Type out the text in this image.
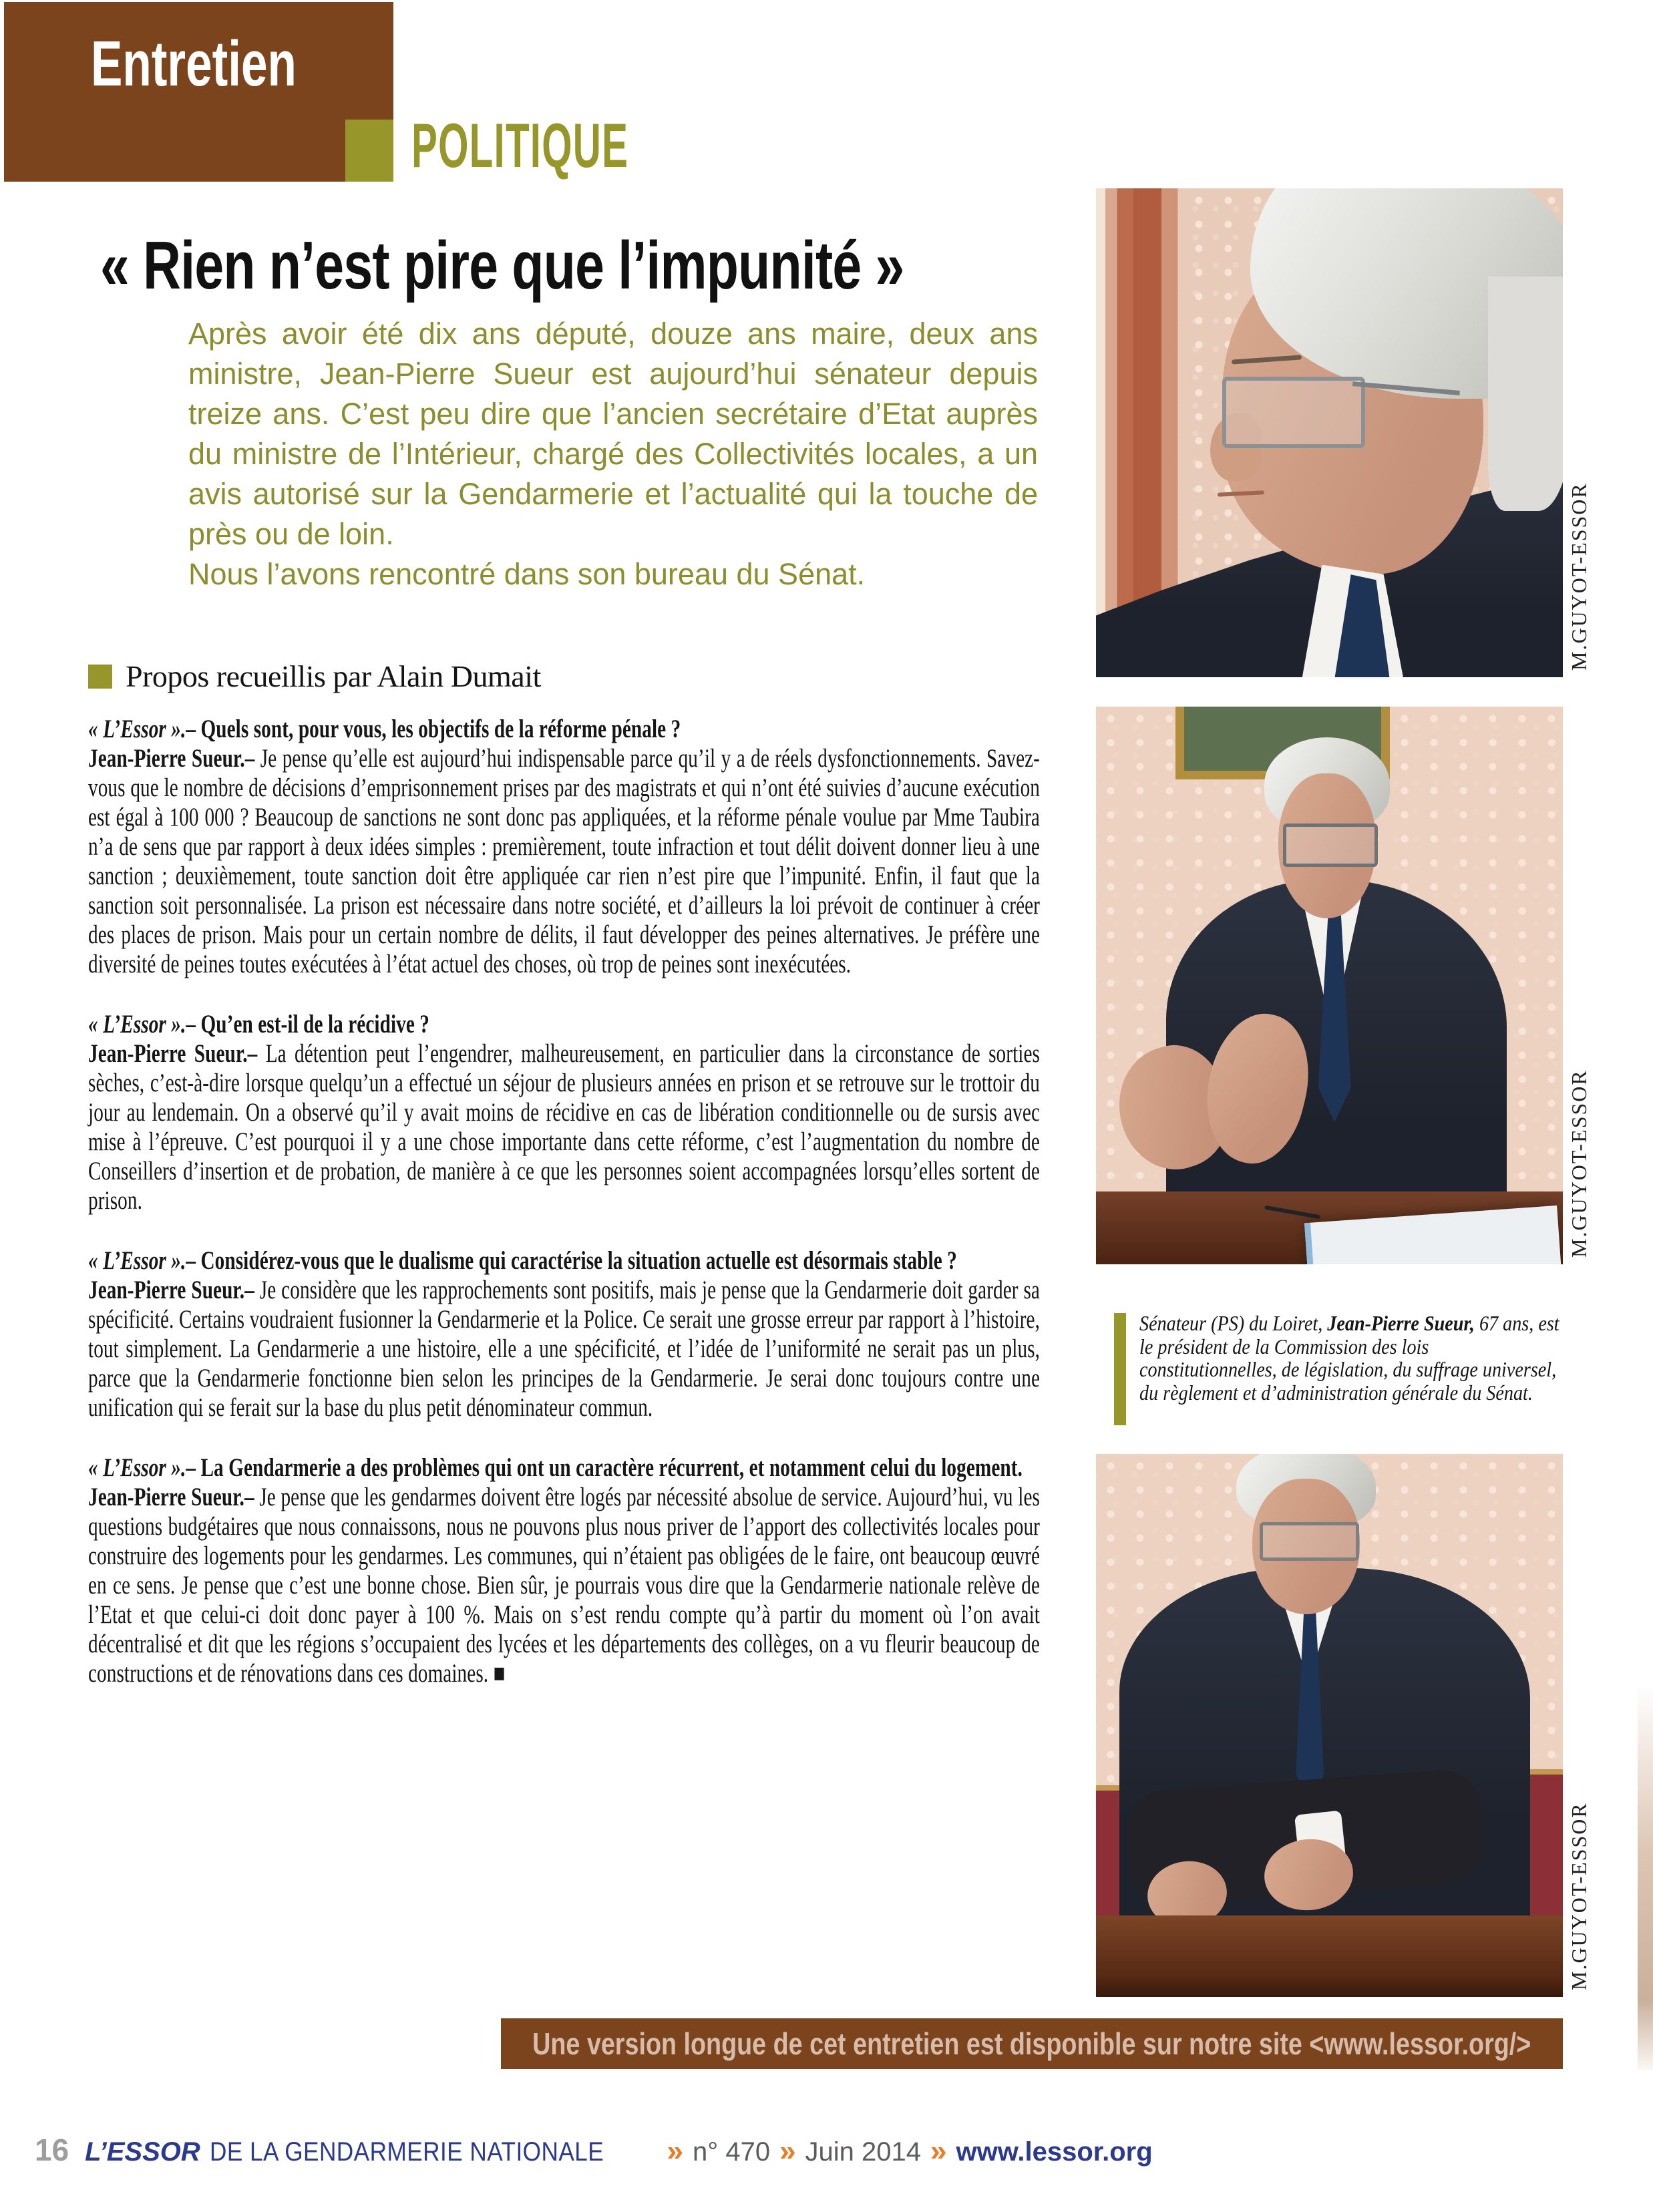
Entretien
POLITIQUE
« Rien n’est pire que l’impunité »
Après avoir été dix ans député, douze ans maire, deux ans ministre, Jean-Pierre Sueur est aujourd’hui sénateur depuis treize ans. C’est peu dire que l’ancien secrétaire d’Etat auprès du ministre de l’Intérieur, chargé des Collectivités locales, a un avis autorisé sur la Gendarmerie et l’actualité qui la touche de près ou de loin.
Nous l’avons rencontré dans son bureau du Sénat.
Propos recueillis par Alain Dumait

« L’Essor ».– Quels sont, pour vous, les objectifs de la réforme pénale ?

Jean-Pierre Sueur.– Je pense qu’elle est aujourd’hui indispensable parce qu’il y a de réels dysfonctionnements. Savez-vous que le nombre de décisions d’emprisonnement prises par des magistrats et qui n’ont été suivies d’aucune exécution est égal à 100 000 ? Beaucoup de sanctions ne sont donc pas appliquées, et la réforme pénale voulue par Mme Taubira n’a de sens que par rapport à deux idées simples : premièrement, toute infraction et tout délit doivent donner lieu à une sanction ; deuxièmement, toute sanction doit être appliquée car rien n’est pire que l’impunité. Enfin, il faut que la sanction soit personnalisée. La prison est nécessaire dans notre société, et d’ailleurs la loi prévoit de continuer à créer des places de prison. Mais pour un certain nombre de délits, il faut développer des peines alternatives. Je préfère une diversité de peines toutes exécutées à l’état actuel des choses, où trop de peines sont inexécutées.

« L’Essor ».– Qu’en est-il de la récidive ?

Jean-Pierre Sueur.– La détention peut l’engendrer, malheureusement, en particulier dans la circonstance de sorties sèches, c’est-à-dire lorsque quelqu’un a effectué un séjour de plusieurs années en prison et se retrouve sur le trottoir du jour au lendemain. On a observé qu’il y avait moins de récidive en cas de libération conditionnelle ou de sursis avec mise à l’épreuve. C’est pourquoi il y a une chose importante dans cette réforme, c’est l’augmentation du nombre de Conseillers d’insertion et de probation, de manière à ce que les personnes soient accompagnées lorsqu’elles sortent de prison.

« L’Essor ».– Considérez-vous que le dualisme qui caractérise la situation actuelle est désormais stable ?

Jean-Pierre Sueur.– Je considère que les rapprochements sont positifs, mais je pense que la Gendarmerie doit garder sa spécificité. Certains voudraient fusionner la Gendarmerie et la Police. Ce serait une grosse erreur par rapport à l’histoire, tout simplement. La Gendarmerie a une histoire, elle a une spécificité, et l’idée de l’uniformité ne serait pas un plus, parce que la Gendarmerie fonctionne bien selon les principes de la Gendarmerie. Je serai donc toujours contre une unification qui se ferait sur la base du plus petit dénominateur commun.

« L’Essor ».– La Gendarmerie a des problèmes qui ont un caractère récurrent, et notamment celui du logement.

Jean-Pierre Sueur.– Je pense que les gendarmes doivent être logés par nécessité absolue de service. Aujourd’hui, vu les questions budgétaires que nous connaissons, nous ne pouvons plus nous priver de l’apport des collectivités locales pour construire des logements pour les gendarmes. Les communes, qui n’étaient pas obligées de le faire, ont beaucoup œuvré en ce sens. Je pense que c’est une bonne chose. Bien sûr, je pourrais vous dire que la Gendarmerie nationale relève de l’Etat et que celui-ci doit donc payer à 100 %. Mais on s’est rendu compte qu’à partir du moment où l’on avait décentralisé et dit que les régions s’occupaient des lycées et les départements des collèges, on a vu fleurir beaucoup de constructions et de rénovations dans ces domaines. ■

M.GUYOT-ESSOR
M.GUYOT-ESSOR
Sénateur (PS) du Loiret, Jean-Pierre Sueur, 67 ans, est le président de la Commission des lois constitutionnelles, de législation, du suffrage universel, du règlement et d’administration générale du Sénat.
M.GUYOT-ESSOR
Une version longue de cet entretien est disponible sur notre site <www.lessor.org/>
16 L’ESSOR DE LA GENDARMERIE NATIONALE » n° 470 » Juin 2014 » www.lessor.org
